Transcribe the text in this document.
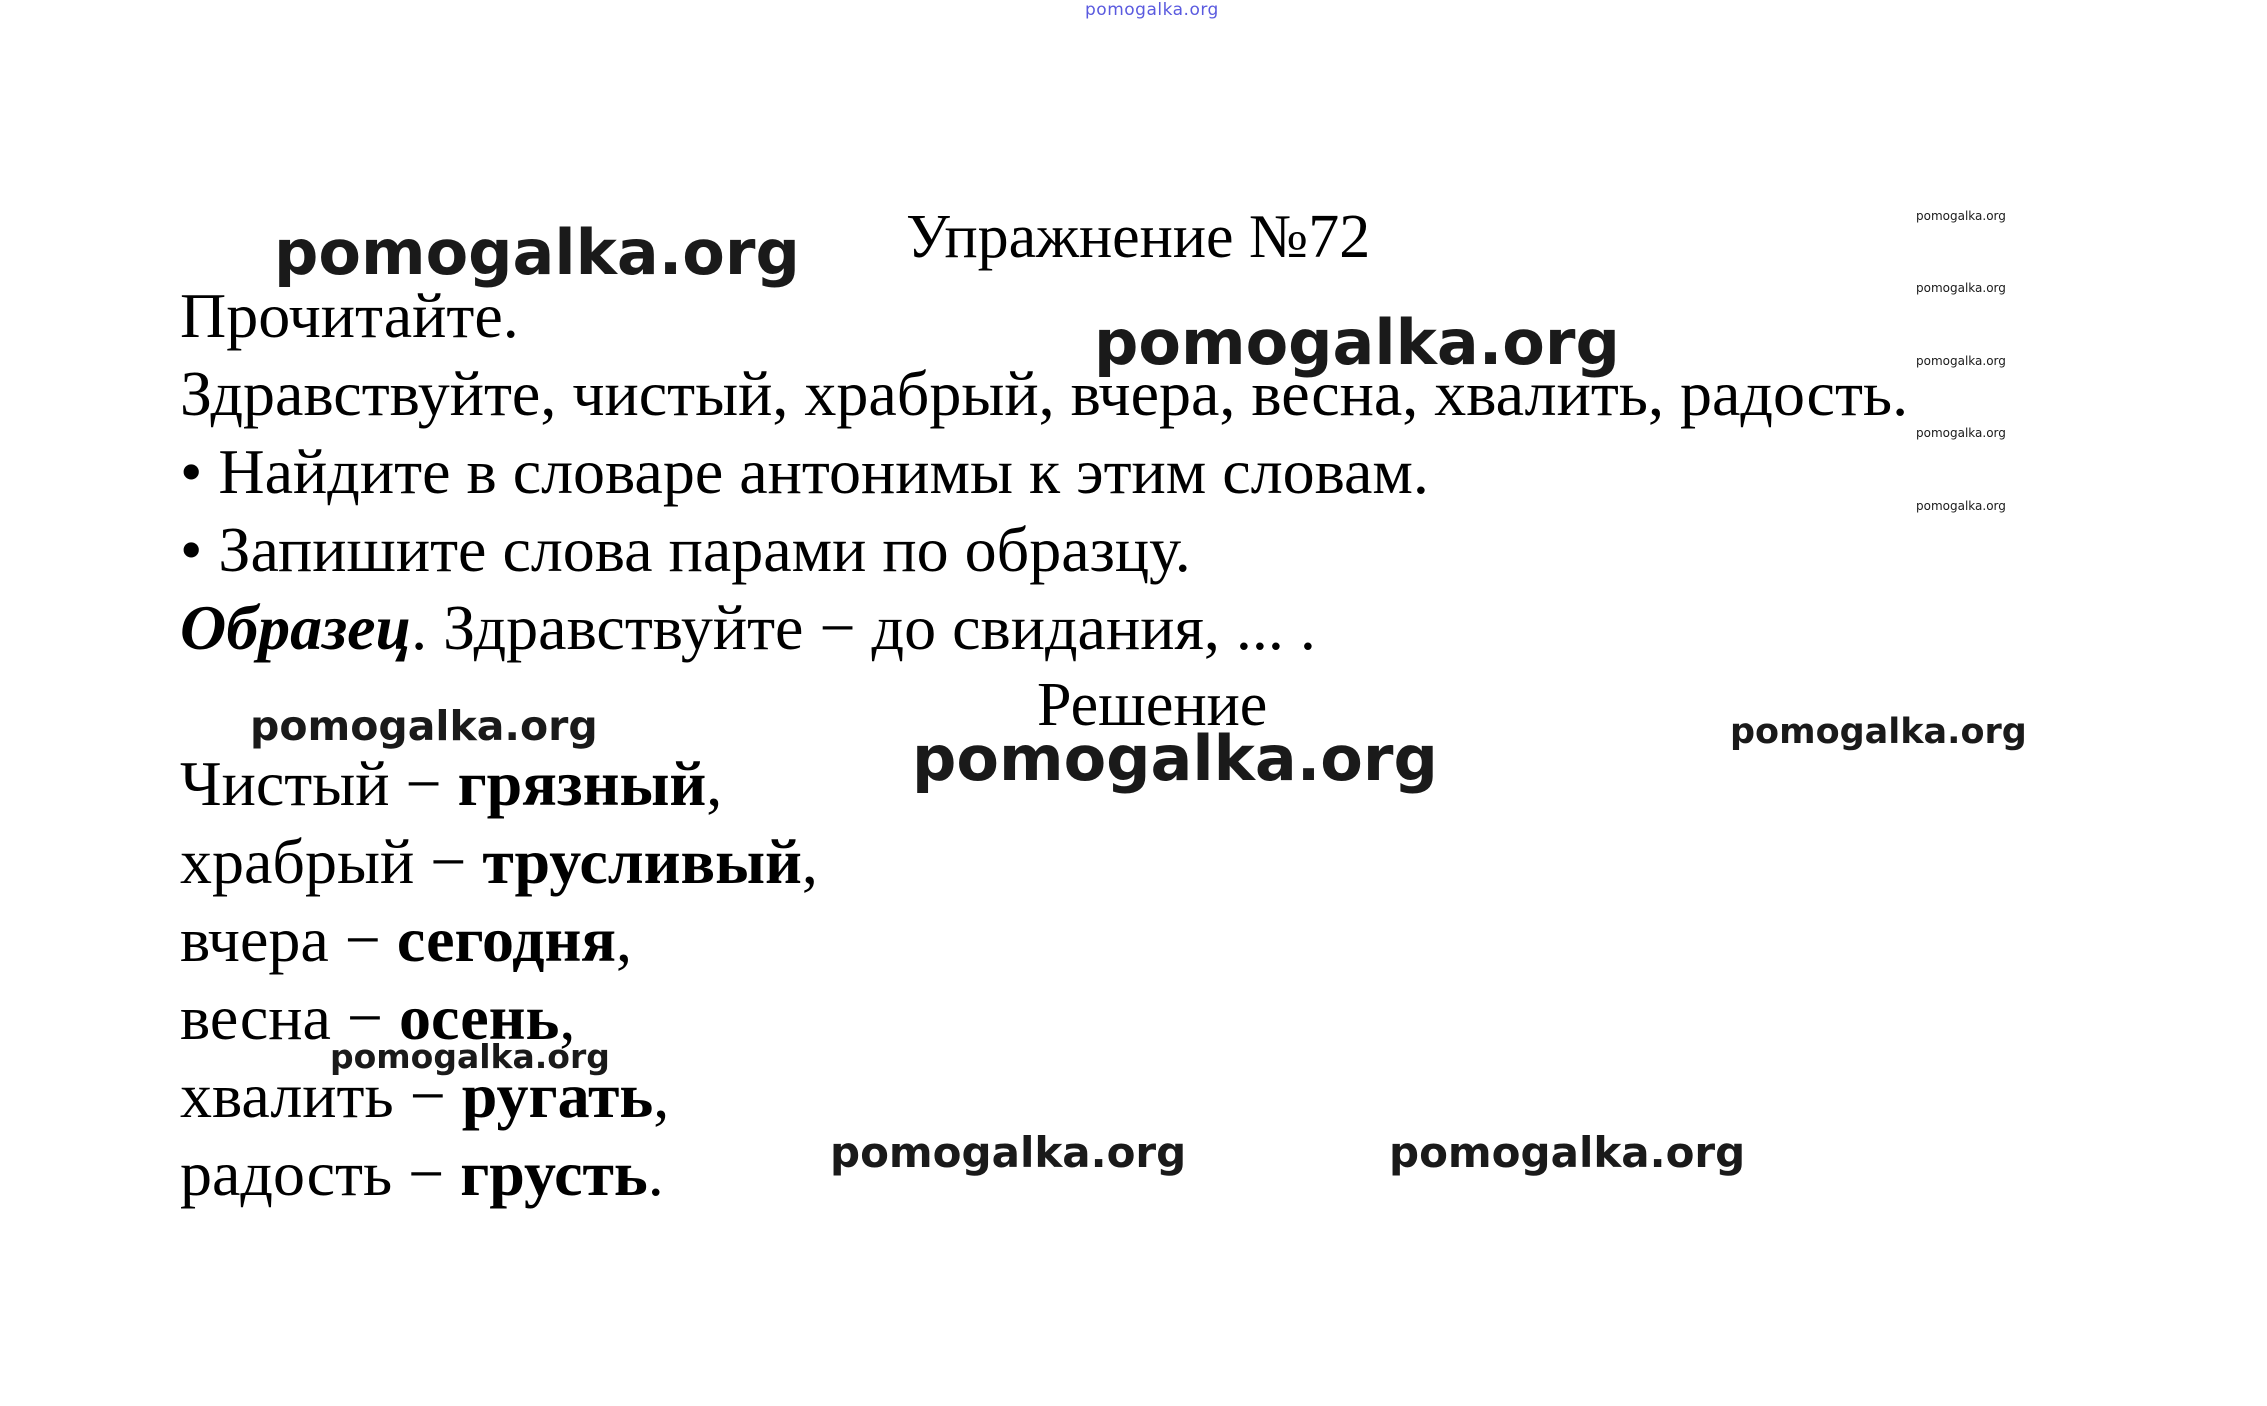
pomogalka.org
Упражнение №72
Прочитайте.
Здравствуйте, чистый, храбрый, вчера, весна, хвалить, радость.
• Найдите в словаре антонимы к этим словам.
• Запишите слова парами по образцу.
Образец. Здравствуйте − до свидания, ... .
Решение
Чистый − грязный,
храбрый − трусливый,
вчера − сегодня,
весна − осень,
хвалить − ругать,
радость − грусть.
pomogalka.org
pomogalka.org
pomogalka.org
pomogalka.org	pomogalka.org
pomogalka.org
pomogalka.org	pomogalka.org
pomogalka.org
pomogalka.org
pomogalka.org
pomogalka.org
pomogalka.org
